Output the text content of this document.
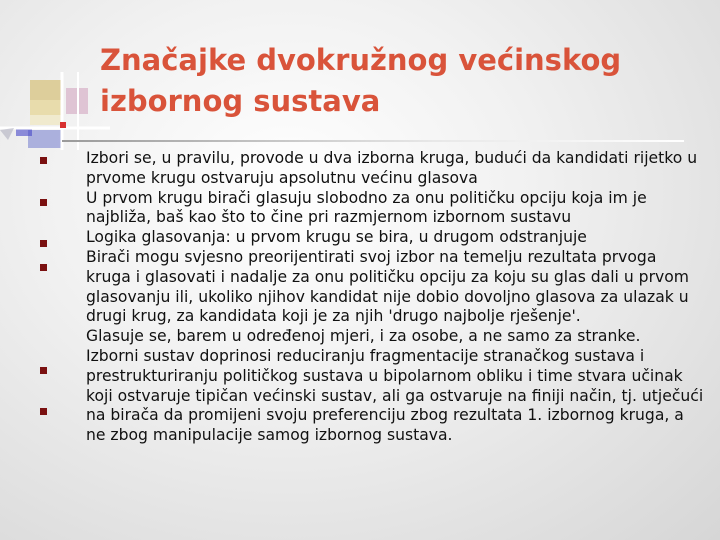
Značajke dvokružnog većinskog
izbornog sustava

Izbori se, u pravilu, provode u dva izborna kruga, budući da kandidati rijetko u prvome krugu ostvaruju apsolutnu većinu glasova

U prvom krugu birači glasuju slobodno za onu političku opciju koja im je najbliža, baš kao što to čine pri razmjernom izbornom sustavu

Logika glasovanja: u prvom krugu se bira, u drugom odstranjuje

Birači mogu svjesno preorijentirati svoj izbor na temelju rezultata prvoga kruga i glasovati i nadalje za onu političku opciju za koju su glas dali u prvom glasovanju ili, ukoliko njihov kandidat nije dobio dovoljno glasova za ulazak u drugi krug, za kandidata koji je za njih 'drugo najbolje rješenje'.

Glasuje se, barem u određenoj mjeri, i za osobe, a ne samo za stranke.

Izborni sustav doprinosi reduciranju fragmentacije stranačkog sustava i prestrukturiranju političkog sustava u bipolarnom obliku i time stvara učinak koji ostvaruje tipičan većinski sustav, ali ga ostvaruje na finiji način, tj. utječući na birača da promijeni svoju preferenciju zbog rezultata 1. izbornog kruga, a ne zbog manipulacije samog izbornog sustava.
